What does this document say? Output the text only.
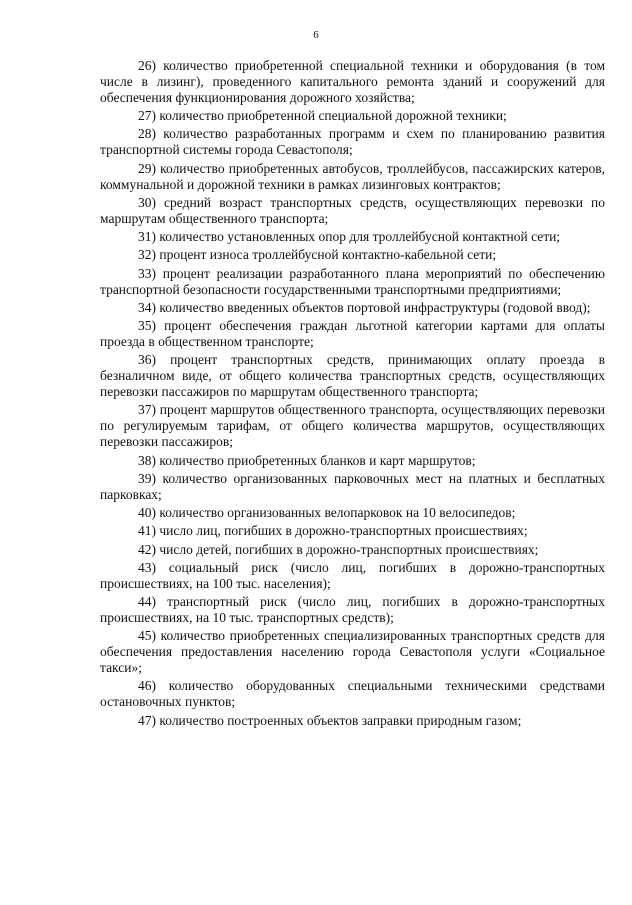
6

26) количество приобретенной специальной техники и оборудования (в том числе в лизинг), проведенного капитального ремонта зданий и сооружений для обеспечения функционирования дорожного хозяйства;

27) количество приобретенной специальной дорожной техники;

28) количество разработанных программ и схем по планированию развития транспортной системы города Севастополя;

29) количество приобретенных автобусов, троллейбусов, пассажирских катеров, коммунальной и дорожной техники в рамках лизинговых контрактов;

30) средний возраст транспортных средств, осуществляющих перевозки по маршрутам общественного транспорта;

31) количество установленных опор для троллейбусной контактной сети;

32) процент износа троллейбусной контактно-кабельной сети;

33) процент реализации разработанного плана мероприятий по обеспечению транспортной безопасности государственными транспортными предприятиями;

34) количество введенных объектов портовой инфраструктуры (годовой ввод);

35) процент обеспечения граждан льготной категории картами для оплаты проезда в общественном транспорте;

36) процент транспортных средств, принимающих оплату проезда в безналичном виде, от общего количества транспортных средств, осуществляющих перевозки пассажиров по маршрутам общественного транспорта;

37) процент маршрутов общественного транспорта, осуществляющих перевозки по регулируемым тарифам, от общего количества маршрутов, осуществляющих перевозки пассажиров;

38) количество приобретенных бланков и карт маршрутов;

39) количество организованных парковочных мест на платных и бесплатных парковках;

40) количество организованных велопарковок на 10 велосипедов;

41) число лиц, погибших в дорожно-транспортных происшествиях;

42) число детей, погибших в дорожно-транспортных происшествиях;

43) социальный риск (число лиц, погибших в дорожно-транспортных происшествиях, на 100 тыс. населения);

44) транспортный риск (число лиц, погибших в дорожно-транспортных происшествиях, на 10 тыс. транспортных средств);

45) количество приобретенных специализированных транспортных средств для обеспечения предоставления населению города Севастополя услуги «Социальное такси»;

46) количество оборудованных специальными техническими средствами остановочных пунктов;

47) количество построенных объектов заправки природным газом;
